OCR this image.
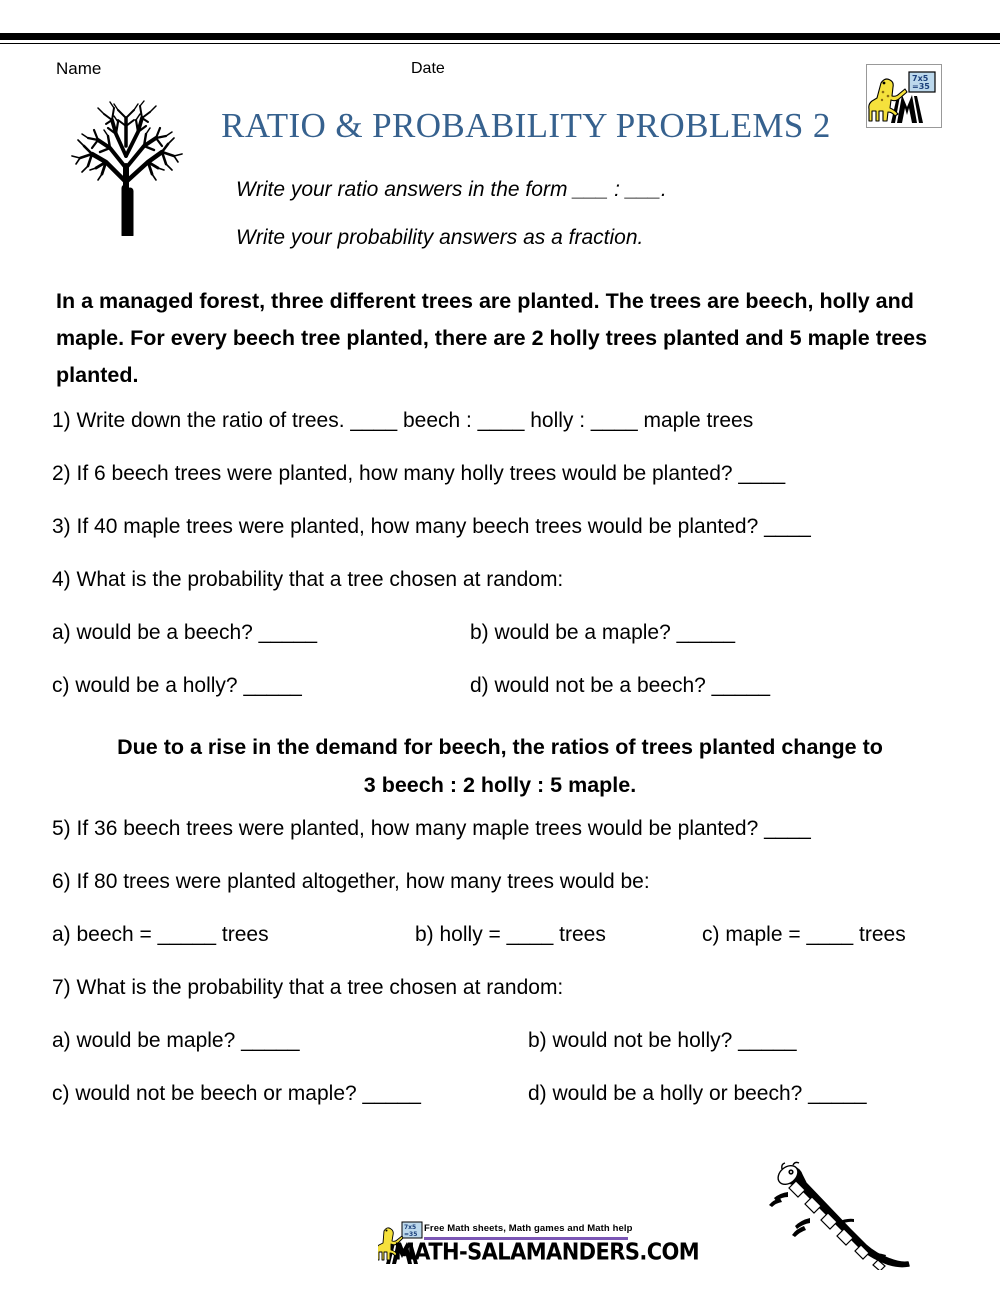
Name	Date
7x5
=35
RATIO & PROBABILITY PROBLEMS 2
Write your ratio answers in the form ___ : ___.
Write your probability answers as a fraction.
In a managed forest, three different trees are planted. The trees are beech, holly and maple. For every beech tree planted, there are 2 holly trees planted and 5 maple trees planted.
1) Write down the ratio of trees. ____ beech : ____ holly : ____ maple trees
2) If 6 beech trees were planted, how many holly trees would be planted? ____
3) If 40 maple trees were planted, how many beech trees would be planted? ____
4) What is the probability that a tree chosen at random:
a) would be a beech? _____	b) would be a maple? _____
c) would be a holly? _____	d) would not be a beech? _____
Due to a rise in the demand for beech, the ratios of trees planted change to
3 beech : 2 holly : 5 maple.
5) If 36 beech trees were planted, how many maple trees would be planted? ____
6) If 80 trees were planted altogether, how many trees would be:
a) beech = _____ trees	b) holly = ____ trees	c) maple = ____ trees
7) What is the probability that a tree chosen at random:
a) would be maple? _____	b) would not be holly? _____
c) would not be beech or maple? _____	d) would be a holly or beech? _____
7x5
=35
Free Math sheets, Math games and Math help
MATH-SALAMANDERS.COM
